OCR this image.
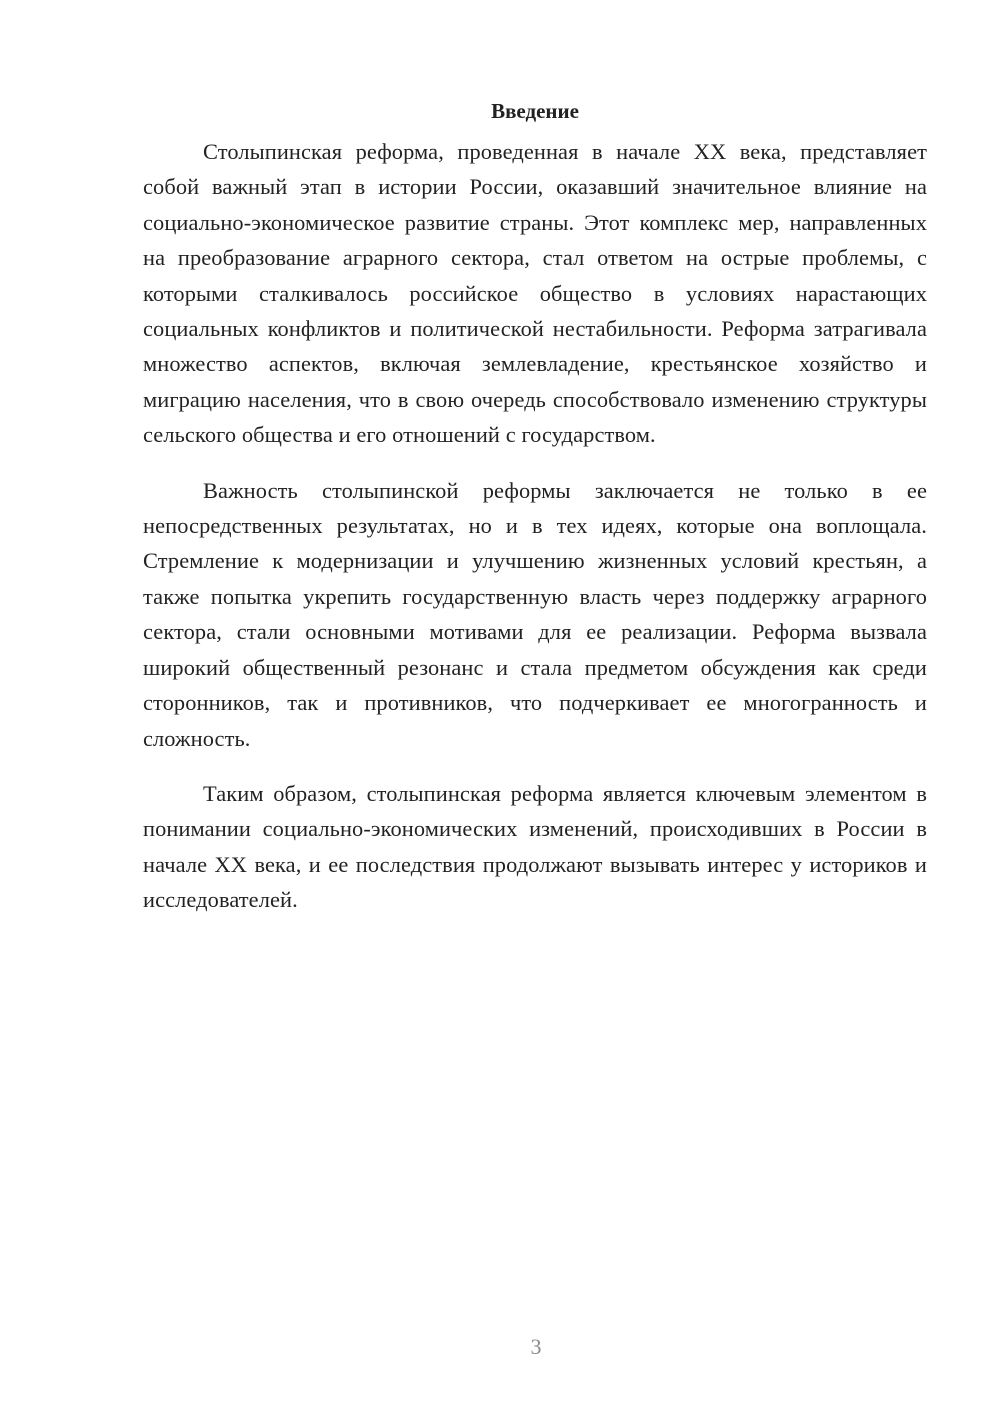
Введение

Столыпинская реформа, проведенная в начале XX века, представляет собой важный этап в истории России, оказавший значительное влияние на социально-экономическое развитие страны. Этот комплекс мер, направленных на преобразование аграрного сектора, стал ответом на острые проблемы, с которыми сталкивалось российское общество в условиях нарастающих социальных конфликтов и политической нестабильности. Реформа затрагивала множество аспектов, включая землевладение, крестьянское хозяйство и миграцию населения, что в свою очередь способствовало изменению структуры сельского общества и его отношений с государством.

Важность столыпинской реформы заключается не только в ее непосредственных результатах, но и в тех идеях, которые она воплощала. Стремление к модернизации и улучшению жизненных условий крестьян, а также попытка укрепить государственную власть через поддержку аграрного сектора, стали основными мотивами для ее реализации. Реформа вызвала широкий общественный резонанс и стала предметом обсуждения как среди сторонников, так и противников, что подчеркивает ее многогранность и сложность.

Таким образом, столыпинская реформа является ключевым элементом в понимании социально-экономических изменений, происходивших в России в начале XX века, и ее последствия продолжают вызывать интерес у историков и исследователей.

3
